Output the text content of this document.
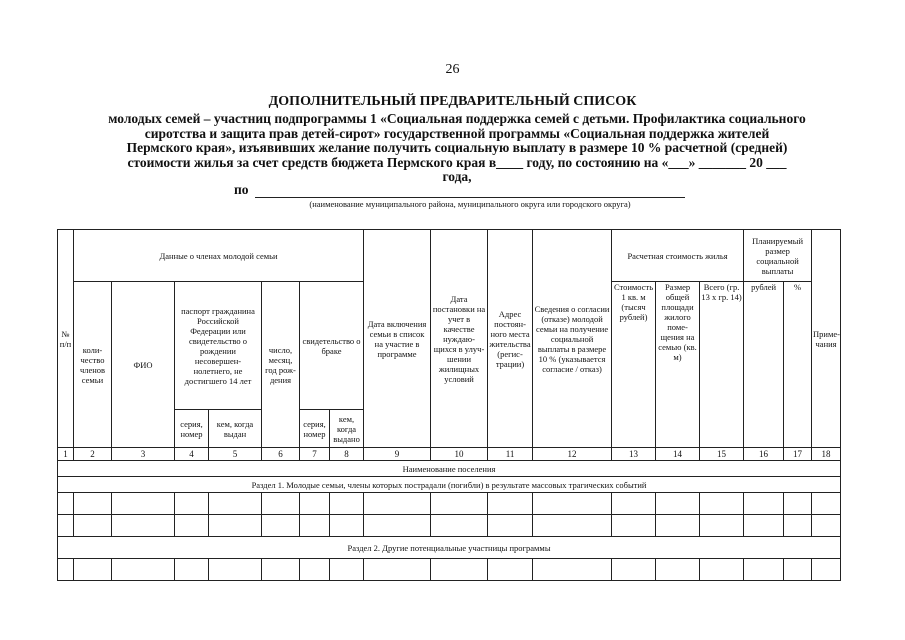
26
ДОПОЛНИТЕЛЬНЫЙ ПРЕДВАРИТЕЛЬНЫЙ СПИСОК
молодых семей – участниц подпрограммы 1 «Социальная поддержка семей с детьми. Профилактика социального
сиротства и защита прав детей-сирот» государственной программы «Социальная поддержка жителей
Пермского края», изъявивших желание получить социальную выплату в размере 10 % расчетной (средней)
стоимости жилья за счет средств бюджета Пермского края в____ году, по состоянию на «___» _______ 20 ___
года,
по
(наименование муниципального района, муниципального округа или городского округа)
№ п/п	Данные о членах молодой семьи							Дата включения семьи в список на участие в программе	Дата постановки на учет в качестве нуждаю-щихся в улуч-шении жилищных условий	Адрес постоян-ного места жительства (регис-трации)	Сведения о согласии (отказе) молодой семьи на получение социальной выплаты в размере 10 % (указывается согласие / отказ)	Расчетная стоимость жилья			Планируемый размер социальной выплаты		Приме-чания
	коли-чество членов семьи	ФИО	паспорт гражданина Российской Федерации или свидетельство о рождении несовершен-нолетнего, не достигшего 14 лет		число, месяц, год рож-дения	свидетельство о браке						Стоимость 1 кв. м (тысяч рублей)	Размер общей площади жилого поме-щения на семью (кв. м)	Всего (гр. 13 х гр. 14)	рублей	%	
			серия, номер	кем, когда выдан		серия, номер	кем, когда выдано										
1	2	3	4	5	6	7	8	9	10	11	12	13	14	15	16	17	18
Наименование поселения																	
Раздел 1. Молодые семьи, члены которых пострадали (погибли) в результате массовых трагических событий																	

Раздел 2. Другие потенциальные участницы программы																	
